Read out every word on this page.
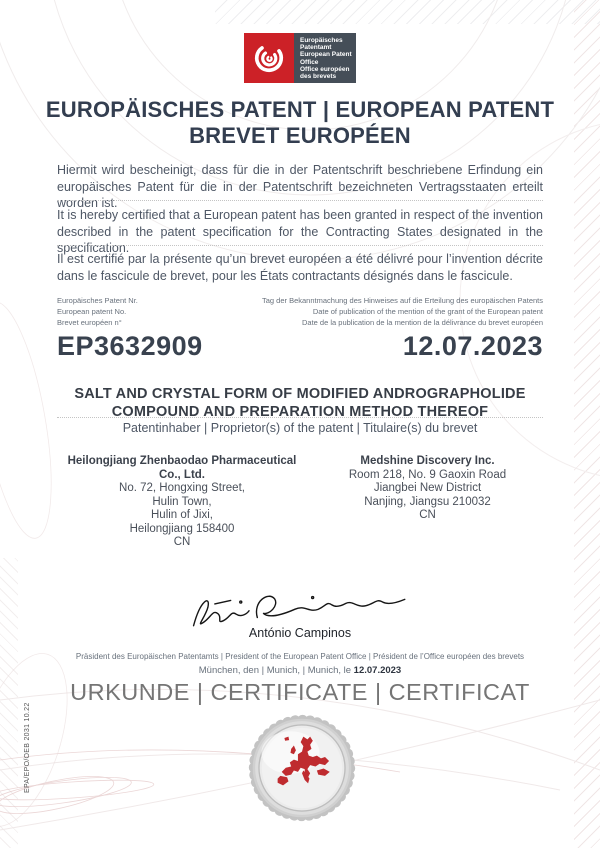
Europäisches Patentamt
European Patent Office
Office européen des brevets
EUROPÄISCHES PATENT | EUROPEAN PATENT
BREVET EUROPÉEN

Hiermit wird bescheinigt, dass für die in der Patentschrift beschriebene Erfindung ein europäisches Patent für die in der Patentschrift bezeichneten Vertragsstaaten erteilt worden ist.

It is hereby certified that a European patent has been granted in respect of the invention described in the patent specification for the Contracting States designated in the specification.

Il est certifié par la présente qu’un brevet européen a été délivré pour l’invention décrite dans le fascicule de brevet, pour les États contractants désignés dans le fascicule.

Europäisches Patent Nr.
European patent No.
Brevet européen n°
Tag der Bekanntmachung des Hinweises auf die Erteilung des europäischen Patents
Date of publication of the mention of the grant of the European patent
Date de la publication de la mention de la délivrance du brevet européen
EP3632909	12.07.2023
SALT AND CRYSTAL FORM OF MODIFIED ANDROGRAPHOLIDE
COMPOUND AND PREPARATION METHOD THEREOF
Patentinhaber | Proprietor(s) of the patent | Titulaire(s) du brevet
Heilongjiang Zhenbaodao Pharmaceutical Co., Ltd.
No. 72, Hongxing Street,
Hulin Town,
Hulin of Jixi,
Heilongjiang 158400
CN
Medshine Discovery Inc.
Room 218, No. 9 Gaoxin Road
Jiangbei New District
Nanjing, Jiangsu 210032
CN
António Campinos
Präsident des Europäischen Patentamts | President of the European Patent Office | Président de l’Office européen des brevets
München, den | Munich, | Munich, le 12.07.2023
URKUNDE | CERTIFICATE | CERTIFICAT
EPA/EPO/OEB 2031 10.22
